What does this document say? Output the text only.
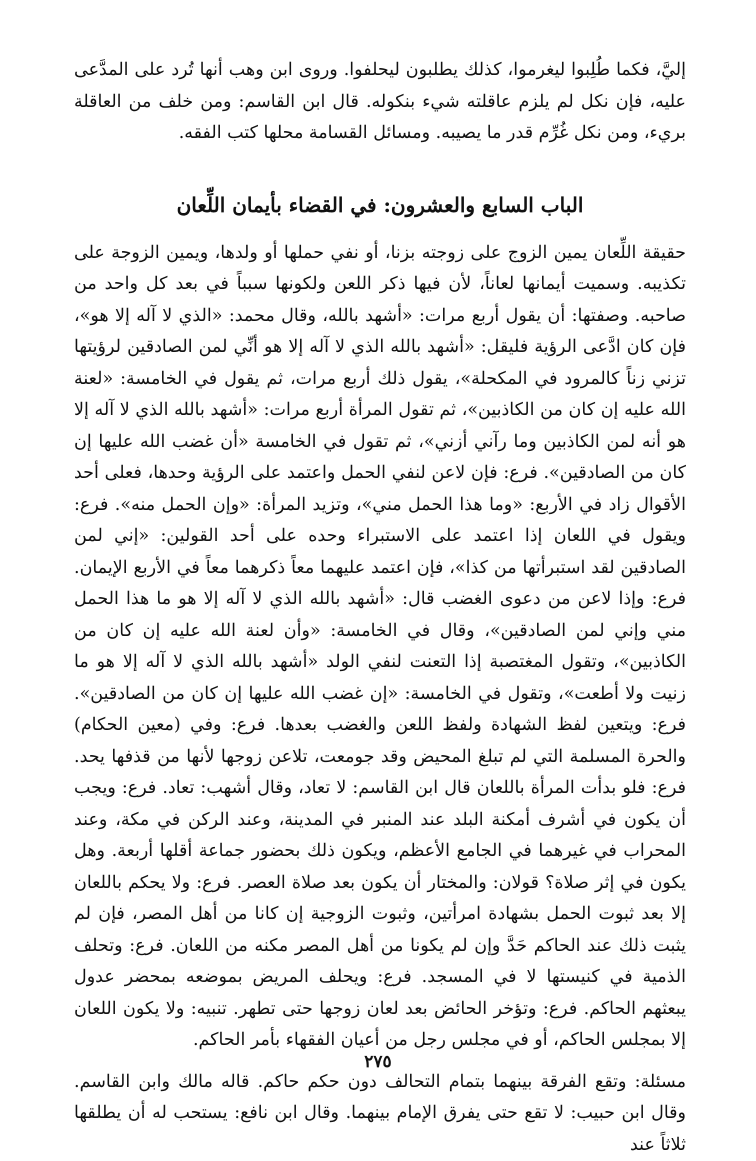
إليَّ، فكما طُلِبوا ليغرموا، كذلك يطلبون ليحلفوا. وروى ابن وهب أنها تُرد على المدَّعى عليه، فإن نكل لم يلزم عاقلته شيء بنكوله. قال ابن القاسم: ومن خلف من العاقلة بريء، ومن نكل غُرِّم قدر ما يصيبه. ومسائل القسامة محلها كتب الفقه.

الباب السابع والعشرون: في القضاء بأيمان اللِّعان

حقيقة اللِّعان يمين الزوج على زوجته بزنا، أو نفي حملها أو ولدها، ويمين الزوجة على تكذيبه. وسميت أيمانها لعاناً، لأن فيها ذكر اللعن ولكونها سبباً في بعد كل واحد من صاحبه. وصفتها: أن يقول أربع مرات: «أشهد بالله، وقال محمد: «الذي لا آله إلا هو»، فإن كان ادَّعى الرؤية فليقل: «أشهد بالله الذي لا آله إلا هو أنِّي لمن الصادقين لرؤيتها تزني زناً كالمرود في المكحلة»، يقول ذلك أربع مرات، ثم يقول في الخامسة: «لعنة الله عليه إن كان من الكاذبين»، ثم تقول المرأة أربع مرات: «أشهد بالله الذي لا آله إلا هو أنه لمن الكاذبين وما رآني أزني»، ثم تقول في الخامسة «أن غضب الله عليها إن كان من الصادقين». فرع: فإن لاعن لنفي الحمل واعتمد على الرؤية وحدها، فعلى أحد الأقوال زاد في الأربع: «وما هذا الحمل مني»، وتزيد المرأة: «وإن الحمل منه». فرع: ويقول في اللعان إذا اعتمد على الاستبراء وحده على أحد القولين: «إني لمن الصادقين لقد استبرأتها من كذا»، فإن اعتمد عليهما معاً ذكرهما معاً في الأربع الإيمان. فرع: وإذا لاعن من دعوى الغضب قال: «أشهد بالله الذي لا آله إلا هو ما هذا الحمل مني وإني لمن الصادقين»، وقال في الخامسة: «وأن لعنة الله عليه إن كان من الكاذبين»، وتقول المغتصبة إذا التعنت لنفي الولد «أشهد بالله الذي لا آله إلا هو ما زنيت ولا أطعت»، وتقول في الخامسة: «إن غضب الله عليها إن كان من الصادقين». فرع: ويتعين لفظ الشهادة ولفظ اللعن والغضب بعدها. فرع: وفي (معين الحكام) والحرة المسلمة التي لم تبلغ المحيض وقد جومعت، تلاعن زوجها لأنها من قذفها يحد. فرع: فلو بدأت المرأة باللعان قال ابن القاسم: لا تعاد، وقال أشهب: تعاد. فرع: ويجب أن يكون في أشرف أمكنة البلد عند المنبر في المدينة، وعند الركن في مكة، وعند المحراب في غيرهما في الجامع الأعظم، ويكون ذلك بحضور جماعة أقلها أربعة. وهل يكون في إثر صلاة؟ قولان: والمختار أن يكون بعد صلاة العصر. فرع: ولا يحكم باللعان إلا بعد ثبوت الحمل بشهادة امرأتين، وثبوت الزوجية إن كانا من أهل المصر، فإن لم يثبت ذلك عند الحاكم حَدَّ وإن لم يكونا من أهل المصر مكنه من اللعان. فرع: وتحلف الذمية في كنيستها لا في المسجد. فرع: ويحلف المريض بموضعه بمحضر عدول يبعثهم الحاكم. فرع: وتؤخر الحائض بعد لعان زوجها حتى تطهر. تنبيه: ولا يكون اللعان إلا بمجلس الحاكم، أو في مجلس رجل من أعيان الفقهاء بأمر الحاكم.

مسئلة: وتقع الفرقة بينهما بتمام التحالف دون حكم حاكم. قاله مالك وابن القاسم. وقال ابن حبيب: لا تقع حتى يفرق الإمام بينهما. وقال ابن نافع: يستحب له أن يطلقها ثلاثاً عند

٢٧٥
